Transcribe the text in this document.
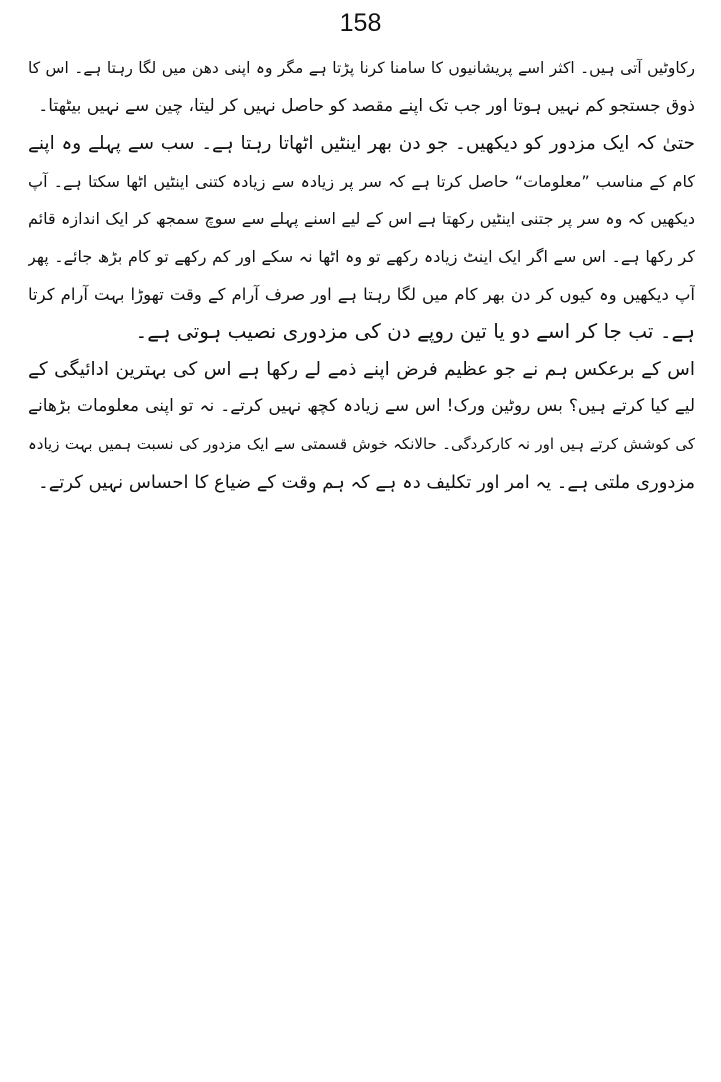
158
رکاوٹیں آتی ہیں۔ اکثر اسے پریشانیوں کا سامنا کرنا پڑتا ہے مگر وہ اپنی دھن میں لگا رہتا ہے۔ اس کا
ذوق جستجو کم نہیں ہوتا اور جب تک اپنے مقصد کو حاصل نہیں کر لیتا، چین سے نہیں بیٹھتا۔
حتیٰ کہ ایک مزدور کو دیکھیں۔ جو دن بھر اینٹیں اٹھاتا رہتا ہے۔ سب سے پہلے وہ اپنے
کام کے مناسب ”معلومات“ حاصل کرتا ہے کہ سر پر زیادہ سے زیادہ کتنی اینٹیں اٹھا سکتا ہے۔ آپ
دیکھیں کہ وہ سر پر جتنی اینٹیں رکھتا ہے اس کے لیے اسنے پہلے سے سوچ سمجھ کر ایک اندازہ قائم
کر رکھا ہے۔ اس سے اگر ایک اینٹ زیادہ رکھے تو وہ اٹھا نہ سکے اور کم رکھے تو کام بڑھ جائے۔ پھر
آپ دیکھیں وہ کیوں کر دن بھر کام میں لگا رہتا ہے اور صرف آرام کے وقت تھوڑا بہت آرام کرتا
ہے۔ تب جا کر اسے دو یا تین روپے دن کی مزدوری نصیب ہوتی ہے۔
اس کے برعکس ہم نے جو عظیم فرض اپنے ذمے لے رکھا ہے اس کی بہترین ادائیگی کے
لیے کیا کرتے ہیں؟ بس روٹین ورک! اس سے زیادہ کچھ نہیں کرتے۔ نہ تو اپنی معلومات بڑھانے
کی کوشش کرتے ہیں اور نہ کارکردگی۔ حالانکہ خوش قسمتی سے ایک مزدور کی نسبت ہمیں بہت زیادہ
مزدوری ملتی ہے۔ یہ امر اور تکلیف دہ ہے کہ ہم وقت کے ضیاع کا احساس نہیں کرتے۔
